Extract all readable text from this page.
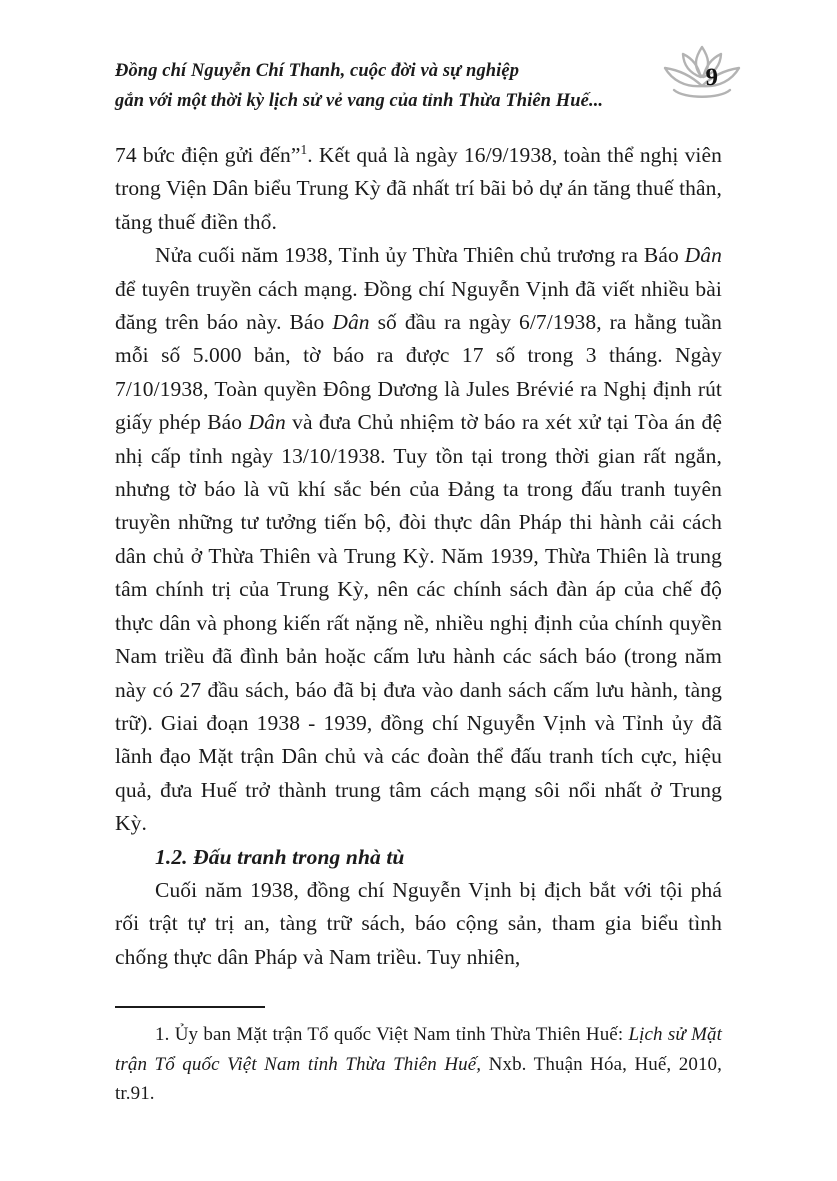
Đồng chí Nguyễn Chí Thanh, cuộc đời và sự nghiệp
gắn với một thời kỳ lịch sử vẻ vang của tỉnh Thừa Thiên Huế...
9

74 bức điện gửi đến”$^1$. Kết quả là ngày 16/9/1938, toàn thể nghị viên trong Viện Dân biểu Trung Kỳ đã nhất trí bãi bỏ dự án tăng thuế thân, tăng thuế điền thổ.

Nửa cuối năm 1938, Tỉnh ủy Thừa Thiên chủ trương ra Báo Dân để tuyên truyền cách mạng. Đồng chí Nguyễn Vịnh đã viết nhiều bài đăng trên báo này. Báo Dân số đầu ra ngày 6/7/1938, ra hằng tuần mỗi số 5.000 bản, tờ báo ra được 17 số trong 3 tháng. Ngày 7/10/1938, Toàn quyền Đông Dương là Jules Brévié ra Nghị định rút giấy phép Báo Dân và đưa Chủ nhiệm tờ báo ra xét xử tại Tòa án đệ nhị cấp tỉnh ngày 13/10/1938. Tuy tồn tại trong thời gian rất ngắn, nhưng tờ báo là vũ khí sắc bén của Đảng ta trong đấu tranh tuyên truyền những tư tưởng tiến bộ, đòi thực dân Pháp thi hành cải cách dân chủ ở Thừa Thiên và Trung Kỳ. Năm 1939, Thừa Thiên là trung tâm chính trị của Trung Kỳ, nên các chính sách đàn áp của chế độ thực dân và phong kiến rất nặng nề, nhiều nghị định của chính quyền Nam triều đã đình bản hoặc cấm lưu hành các sách báo (trong năm này có 27 đầu sách, báo đã bị đưa vào danh sách cấm lưu hành, tàng trữ). Giai đoạn 1938 - 1939, đồng chí Nguyễn Vịnh và Tỉnh ủy đã lãnh đạo Mặt trận Dân chủ và các đoàn thể đấu tranh tích cực, hiệu quả, đưa Huế trở thành trung tâm cách mạng sôi nổi nhất ở Trung Kỳ.

1.2. Đấu tranh trong nhà tù

Cuối năm 1938, đồng chí Nguyễn Vịnh bị địch bắt với tội phá rối trật tự trị an, tàng trữ sách, báo cộng sản, tham gia biểu tình chống thực dân Pháp và Nam triều. Tuy nhiên,

1. Ủy ban Mặt trận Tổ quốc Việt Nam tỉnh Thừa Thiên Huế: Lịch sử Mặt trận Tổ quốc Việt Nam tỉnh Thừa Thiên Huế, Nxb. Thuận Hóa, Huế, 2010, tr.91.
